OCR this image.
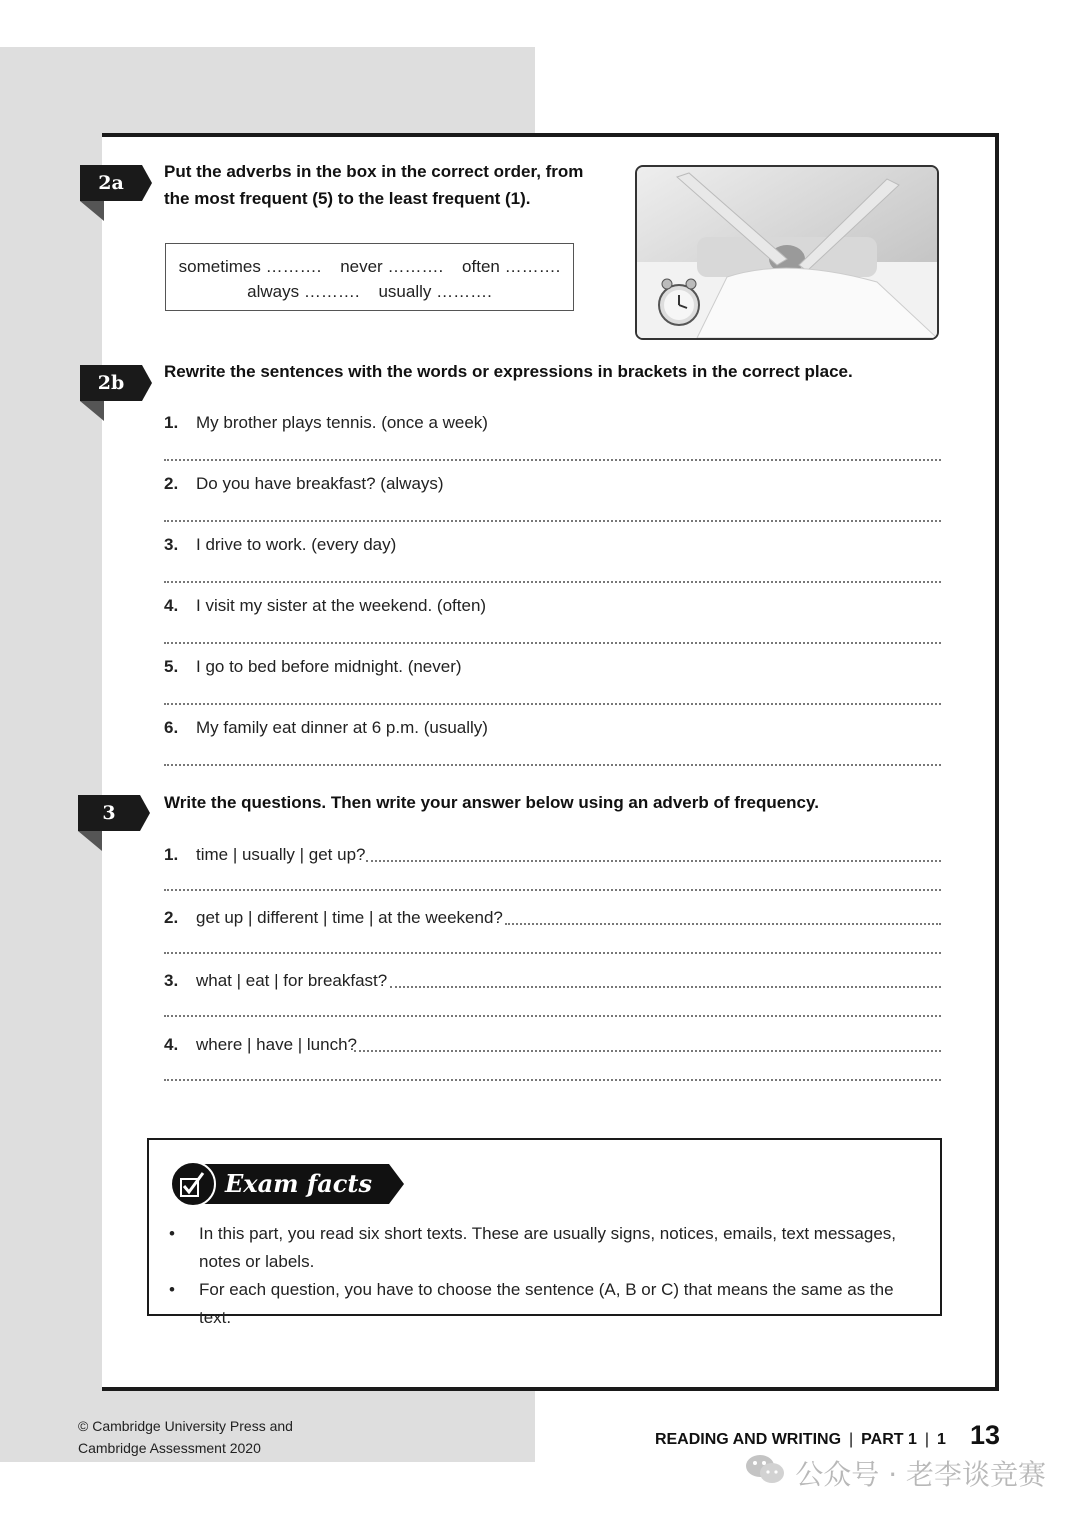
2a
Put the adverbs in the box in the correct order, from
the most frequent (5) to the least frequent (1).
sometimes ……….    never ……….    often ……….
always ……….    usually ……….
2b
Rewrite the sentences with the words or expressions in brackets in the correct place.
1. My brother plays tennis. (once a week)
2. Do you have breakfast? (always)
3. I drive to work. (every day)
4. I visit my sister at the weekend. (often)
5. I go to bed before midnight. (never)
6. My family eat dinner at 6 p.m. (usually)
3	Write the questions. Then write your answer below using an adverb of frequency.
1. time | usually | get up?
2. get up | different | time | at the weekend?
3. what | eat | for breakfast?
4. where | have | lunch?
Exam facts
• In this part, you read six short texts. These are usually signs, notices, emails, text messages, notes or labels.
• For each question, you have to choose the sentence (A, B or C) that means the same as the text.
© Cambridge University Press and
Cambridge Assessment 2020	READING AND WRITING | PART 1 | 1 13
公众号 · 老李谈竞赛
